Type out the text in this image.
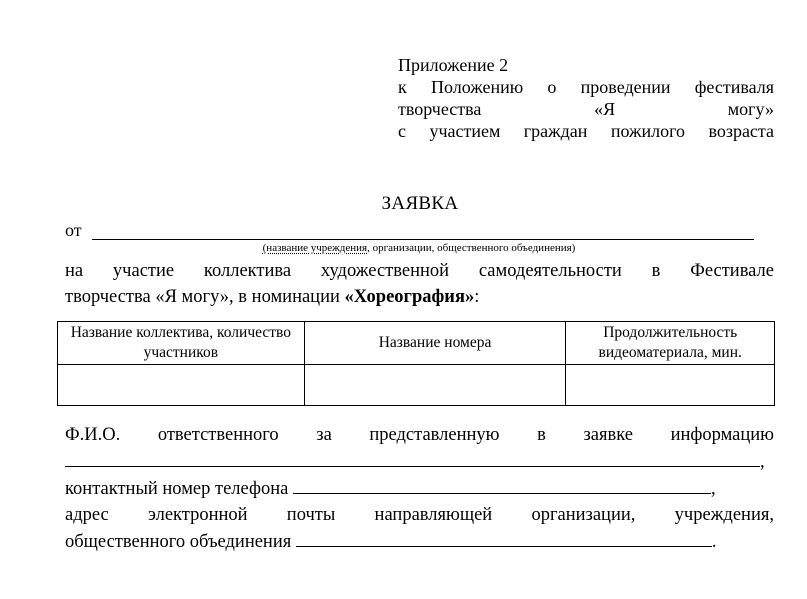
Приложение 2
к Положению о проведении фестиваля
творчества «Я могу»
с участием граждан пожилого возраста
ЗАЯВКА
от
(название учреждения, организации, общественного объединения)
на участие коллектива художественной самодеятельности в Фестивале
творчества «Я могу», в номинации «Хореография»:
Название коллектива, количество участников	Название номера	Продолжительность видеоматериала, мин.

Ф.И.О. ответственного за представленную в заявке информацию
,
контактный номер телефона	,
адрес электронной почты направляющей организации, учреждения,
общественного объединения	.
